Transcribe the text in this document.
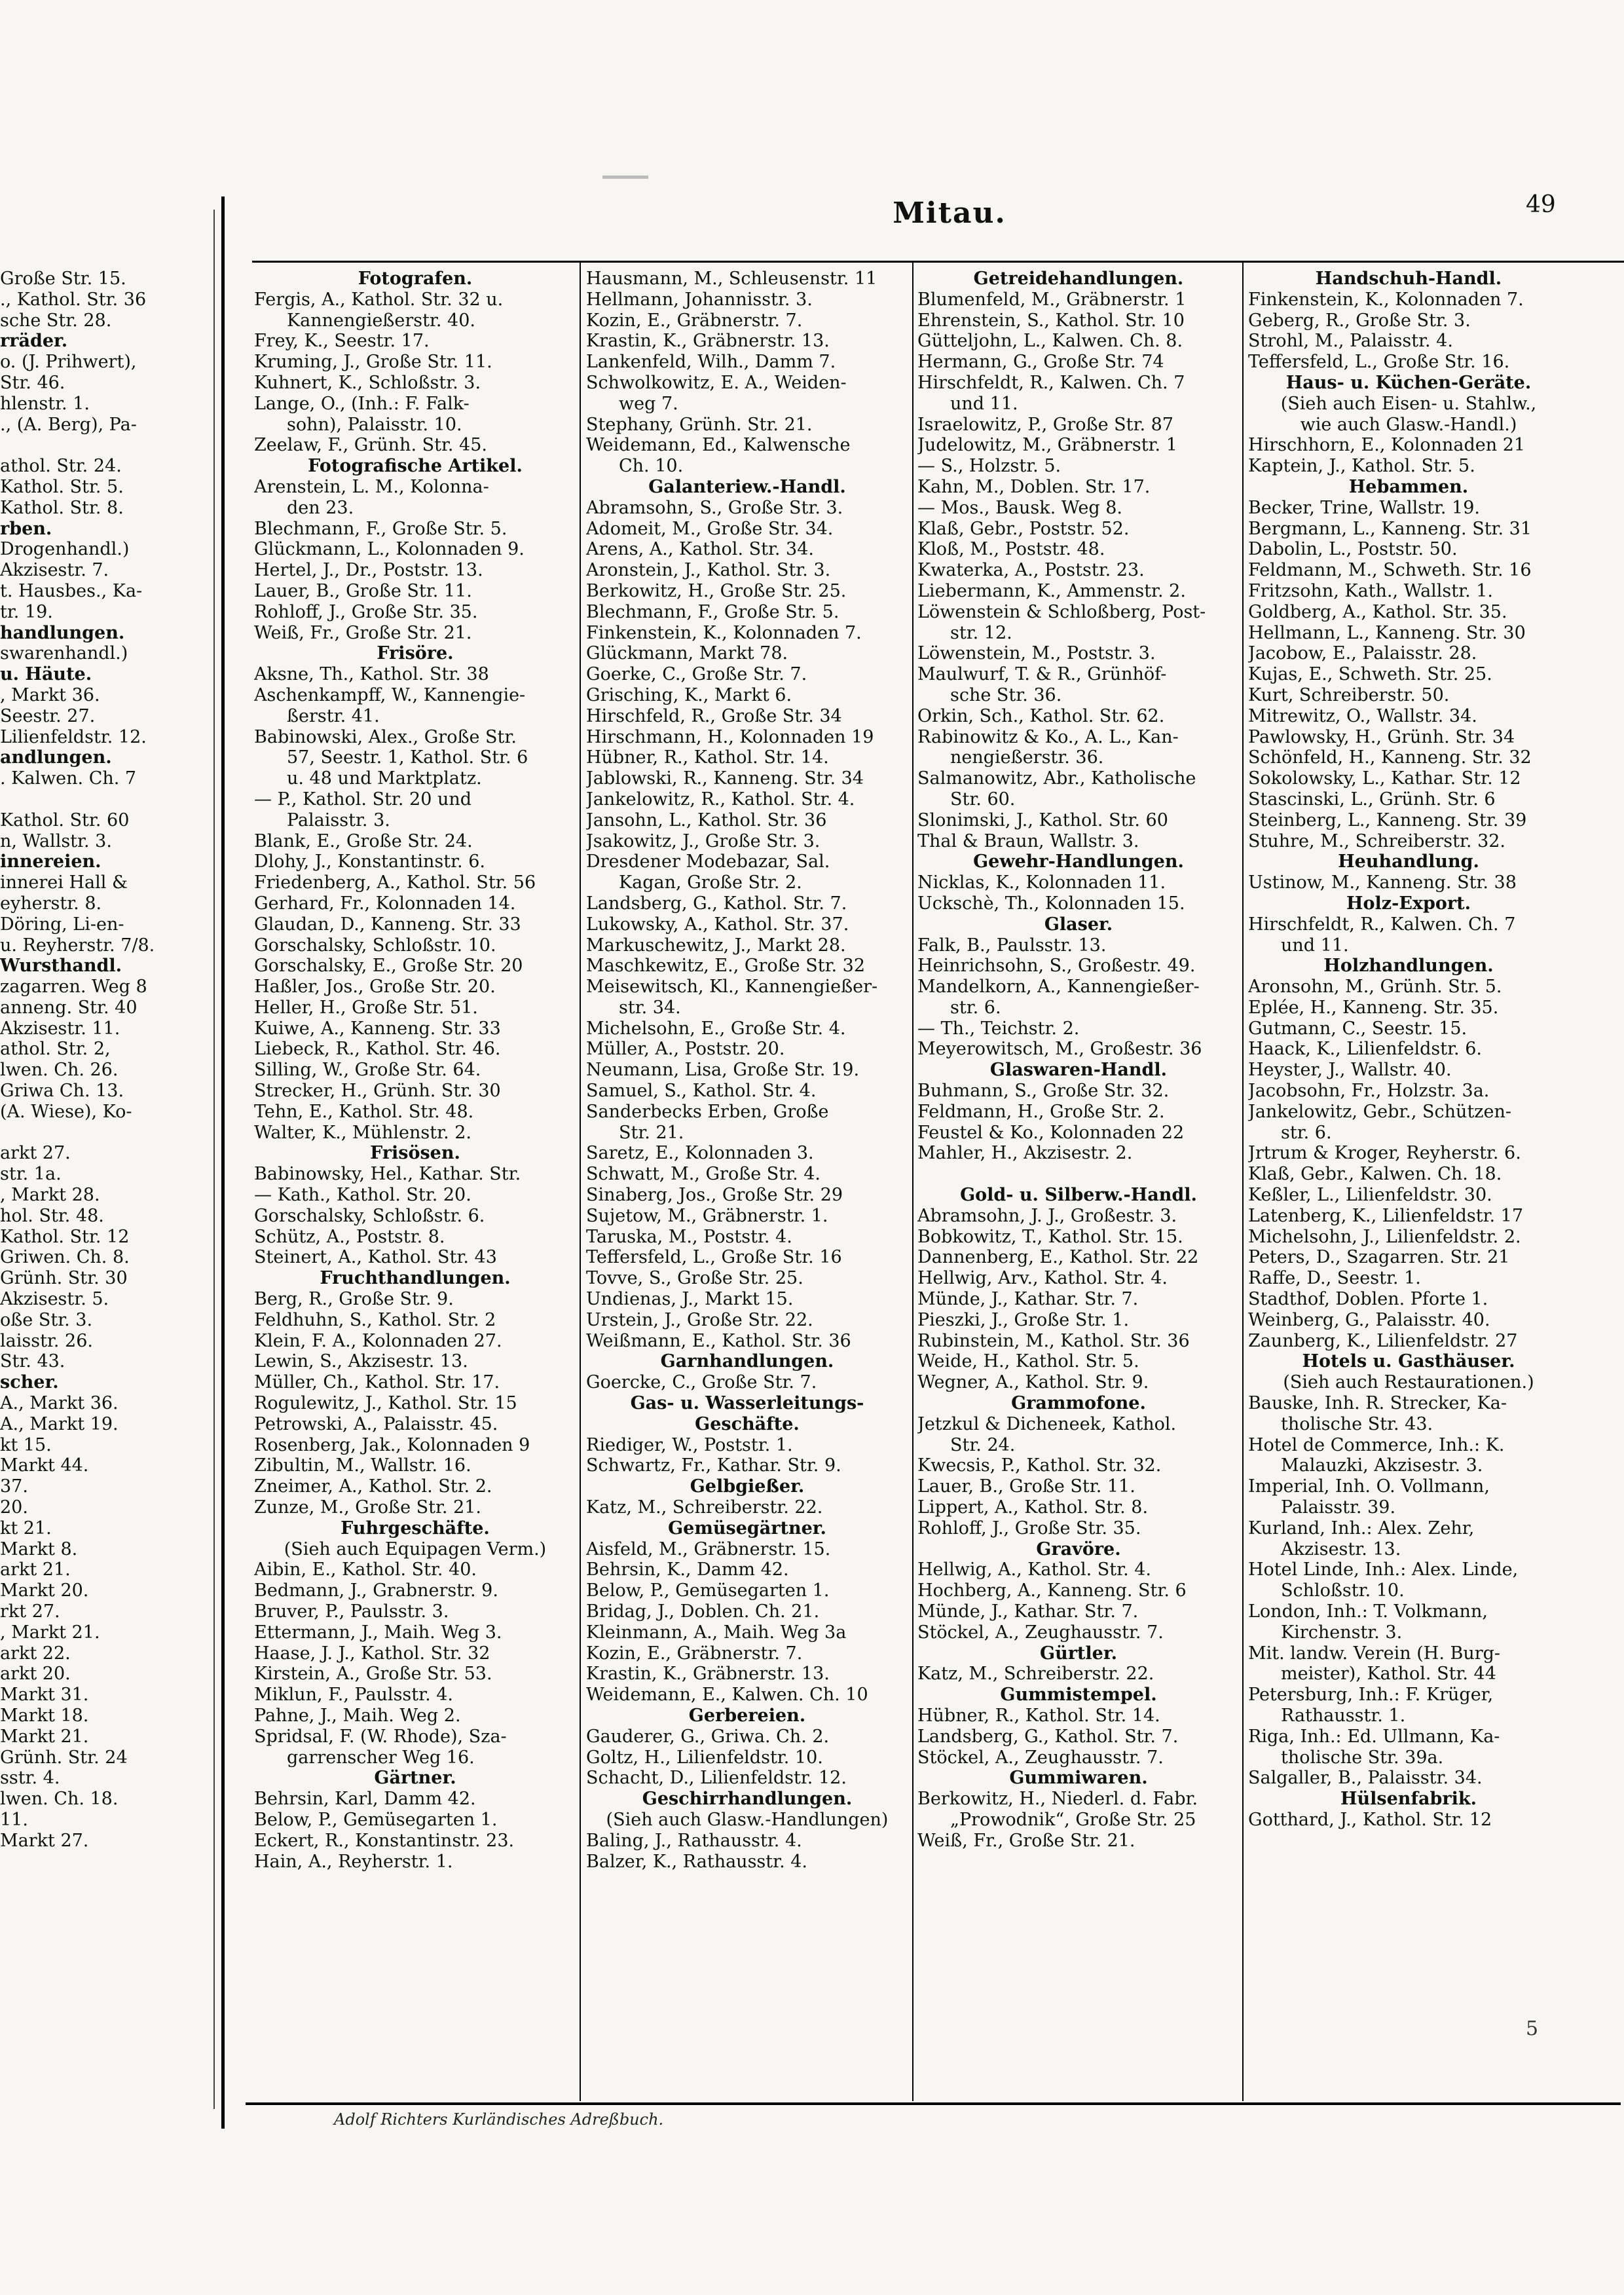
Mitau.	49
Große Str. 15.
., Kathol. Str. 36
sche Str. 28.
rräder.
o. (J. Prihwert),
Str. 46.
hlenstr. 1.
., (A. Berg), Pa-
athol. Str. 24.
Kathol. Str. 5.
Kathol. Str. 8.
rben.
Drogenhandl.)
Akzisestr. 7.
t. Hausbes., Ka-
tr. 19.
handlungen.
swarenhandl.)
u. Häute.
, Markt 36.
Seestr. 27.
Lilienfeldstr. 12.
andlungen.
. Kalwen. Ch. 7
Kathol. Str. 60
n, Wallstr. 3.
innereien.
innerei Hall &
eyherstr. 8.
Döring, Li-en-
u. Reyherstr. 7/8.
Wursthandl.
zagarren. Weg 8
anneng. Str. 40
Akzisestr. 11.
athol. Str. 2,
lwen. Ch. 26.
Griwa Ch. 13.
(A. Wiese), Ko-
arkt 27.
str. 1a.
, Markt 28.
hol. Str. 48.
Kathol. Str. 12
Griwen. Ch. 8.
Grünh. Str. 30
Akzisestr. 5.
oße Str. 3.
laisstr. 26.
Str. 43.
scher.
A., Markt 36.
A., Markt 19.
kt 15.
Markt 44.
37.
20.
kt 21.
Markt 8.
arkt 21.
Markt 20.
rkt 27.
, Markt 21.
arkt 22.
arkt 20.
Markt 31.
Markt 18.
Markt 21.
Grünh. Str. 24
sstr. 4.
lwen. Ch. 18.
11.
Markt 27.
Fotografen.
Fergis, A., Kathol. Str. 32 u.
Kannengießerstr. 40.
Frey, K., Seestr. 17.
Kruming, J., Große Str. 11.
Kuhnert, K., Schloßstr. 3.
Lange, O., (Inh.: F. Falk-
sohn), Palaisstr. 10.
Zeelaw, F., Grünh. Str. 45.
Fotografische Artikel.
Arenstein, L. M., Kolonna-
den 23.
Blechmann, F., Große Str. 5.
Glückmann, L., Kolonnaden 9.
Hertel, J., Dr., Poststr. 13.
Lauer, B., Große Str. 11.
Rohloff, J., Große Str. 35.
Weiß, Fr., Große Str. 21.
Frisöre.
Aksne, Th., Kathol. Str. 38
Aschenkampff, W., Kannengie-
ßerstr. 41.
Babinowski, Alex., Große Str.
57, Seestr. 1, Kathol. Str. 6
u. 48 und Marktplatz.
— P., Kathol. Str. 20 und
Palaisstr. 3.
Blank, E., Große Str. 24.
Dlohy, J., Konstantinstr. 6.
Friedenberg, A., Kathol. Str. 56
Gerhard, Fr., Kolonnaden 14.
Glaudan, D., Kanneng. Str. 33
Gorschalsky, Schloßstr. 10.
Gorschalsky, E., Große Str. 20
Haßler, Jos., Große Str. 20.
Heller, H., Große Str. 51.
Kuiwe, A., Kanneng. Str. 33
Liebeck, R., Kathol. Str. 46.
Silling, W., Große Str. 64.
Strecker, H., Grünh. Str. 30
Tehn, E., Kathol. Str. 48.
Walter, K., Mühlenstr. 2.
Frisösen.
Babinowsky, Hel., Kathar. Str.
— Kath., Kathol. Str. 20.
Gorschalsky, Schloßstr. 6.
Schütz, A., Poststr. 8.
Steinert, A., Kathol. Str. 43
Fruchthandlungen.
Berg, R., Große Str. 9.
Feldhuhn, S., Kathol. Str. 2
Klein, F. A., Kolonnaden 27.
Lewin, S., Akzisestr. 13.
Müller, Ch., Kathol. Str. 17.
Rogulewitz, J., Kathol. Str. 15
Petrowski, A., Palaisstr. 45.
Rosenberg, Jak., Kolonnaden 9
Zibultin, M., Wallstr. 16.
Zneimer, A., Kathol. Str. 2.
Zunze, M., Große Str. 21.
Fuhrgeschäfte.
(Sieh auch Equipagen Verm.)
Aibin, E., Kathol. Str. 40.
Bedmann, J., Grabnerstr. 9.
Bruver, P., Paulsstr. 3.
Ettermann, J., Maih. Weg 3.
Haase, J. J., Kathol. Str. 32
Kirstein, A., Große Str. 53.
Miklun, F., Paulsstr. 4.
Pahne, J., Maih. Weg 2.
Spridsal, F. (W. Rhode), Sza-
garrenscher Weg 16.
Gärtner.
Behrsin, Karl, Damm 42.
Below, P., Gemüsegarten 1.
Eckert, R., Konstantinstr. 23.
Hain, A., Reyherstr. 1.
Hausmann, M., Schleusenstr. 11
Hellmann, Johannisstr. 3.
Kozin, E., Gräbnerstr. 7.
Krastin, K., Gräbnerstr. 13.
Lankenfeld, Wilh., Damm 7.
Schwolkowitz, E. A., Weiden-
weg 7.
Stephany, Grünh. Str. 21.
Weidemann, Ed., Kalwensche
Ch. 10.
Galanteriew.-Handl.
Abramsohn, S., Große Str. 3.
Adomeit, M., Große Str. 34.
Arens, A., Kathol. Str. 34.
Aronstein, J., Kathol. Str. 3.
Berkowitz, H., Große Str. 25.
Blechmann, F., Große Str. 5.
Finkenstein, K., Kolonnaden 7.
Glückmann, Markt 78.
Goerke, C., Große Str. 7.
Grisching, K., Markt 6.
Hirschfeld, R., Große Str. 34
Hirschmann, H., Kolonnaden 19
Hübner, R., Kathol. Str. 14.
Jablowski, R., Kanneng. Str. 34
Jankelowitz, R., Kathol. Str. 4.
Jansohn, L., Kathol. Str. 36
Jsakowitz, J., Große Str. 3.
Dresdener Modebazar, Sal.
Kagan, Große Str. 2.
Landsberg, G., Kathol. Str. 7.
Lukowsky, A., Kathol. Str. 37.
Markuschewitz, J., Markt 28.
Maschkewitz, E., Große Str. 32
Meisewitsch, Kl., Kannengießer-
str. 34.
Michelsohn, E., Große Str. 4.
Müller, A., Poststr. 20.
Neumann, Lisa, Große Str. 19.
Samuel, S., Kathol. Str. 4.
Sanderbecks Erben, Große
Str. 21.
Saretz, E., Kolonnaden 3.
Schwatt, M., Große Str. 4.
Sinaberg, Jos., Große Str. 29
Sujetow, M., Gräbnerstr. 1.
Taruska, M., Poststr. 4.
Teffersfeld, L., Große Str. 16
Tovve, S., Große Str. 25.
Undienas, J., Markt 15.
Urstein, J., Große Str. 22.
Weißmann, E., Kathol. Str. 36
Garnhandlungen.
Goercke, C., Große Str. 7.
Gas- u. Wasserleitungs-
Geschäfte.
Riediger, W., Poststr. 1.
Schwartz, Fr., Kathar. Str. 9.
Gelbgießer.
Katz, M., Schreiberstr. 22.
Gemüsegärtner.
Aisfeld, M., Gräbnerstr. 15.
Behrsin, K., Damm 42.
Below, P., Gemüsegarten 1.
Bridag, J., Doblen. Ch. 21.
Kleinmann, A., Maih. Weg 3a
Kozin, E., Gräbnerstr. 7.
Krastin, K., Gräbnerstr. 13.
Weidemann, E., Kalwen. Ch. 10
Gerbereien.
Gauderer, G., Griwa. Ch. 2.
Goltz, H., Lilienfeldstr. 10.
Schacht, D., Lilienfeldstr. 12.
Geschirrhandlungen.
(Sieh auch Glasw.-Handlungen)
Baling, J., Rathausstr. 4.
Balzer, K., Rathausstr. 4.
Getreidehandlungen.
Blumenfeld, M., Gräbnerstr. 1
Ehrenstein, S., Kathol. Str. 10
Gütteljohn, L., Kalwen. Ch. 8.
Hermann, G., Große Str. 74
Hirschfeldt, R., Kalwen. Ch. 7
und 11.
Israelowitz, P., Große Str. 87
Judelowitz, M., Gräbnerstr. 1
— S., Holzstr. 5.
Kahn, M., Doblen. Str. 17.
— Mos., Bausk. Weg 8.
Klaß, Gebr., Poststr. 52.
Kloß, M., Poststr. 48.
Kwaterka, A., Poststr. 23.
Liebermann, K., Ammenstr. 2.
Löwenstein & Schloßberg, Post-
str. 12.
Löwenstein, M., Poststr. 3.
Maulwurf, T. & R., Grünhöf-
sche Str. 36.
Orkin, Sch., Kathol. Str. 62.
Rabinowitz & Ko., A. L., Kan-
nengießerstr. 36.
Salmanowitz, Abr., Katholische
Str. 60.
Slonimski, J., Kathol. Str. 60
Thal & Braun, Wallstr. 3.
Gewehr-Handlungen.
Nicklas, K., Kolonnaden 11.
Uckschè, Th., Kolonnaden 15.
Glaser.
Falk, B., Paulsstr. 13.
Heinrichsohn, S., Großestr. 49.
Mandelkorn, A., Kannengießer-
str. 6.
— Th., Teichstr. 2.
Meyerowitsch, M., Großestr. 36
Glaswaren-Handl.
Buhmann, S., Große Str. 32.
Feldmann, H., Große Str. 2.
Feustel & Ko., Kolonnaden 22
Mahler, H., Akzisestr. 2.
Gold- u. Silberw.-Handl.
Abramsohn, J. J., Großestr. 3.
Bobkowitz, T., Kathol. Str. 15.
Dannenberg, E., Kathol. Str. 22
Hellwig, Arv., Kathol. Str. 4.
Münde, J., Kathar. Str. 7.
Pieszki, J., Große Str. 1.
Rubinstein, M., Kathol. Str. 36
Weide, H., Kathol. Str. 5.
Wegner, A., Kathol. Str. 9.
Grammofone.
Jetzkul & Dicheneek, Kathol.
Str. 24.
Kwecsis, P., Kathol. Str. 32.
Lauer, B., Große Str. 11.
Lippert, A., Kathol. Str. 8.
Rohloff, J., Große Str. 35.
Gravöre.
Hellwig, A., Kathol. Str. 4.
Hochberg, A., Kanneng. Str. 6
Münde, J., Kathar. Str. 7.
Stöckel, A., Zeughausstr. 7.
Gürtler.
Katz, M., Schreiberstr. 22.
Gummistempel.
Hübner, R., Kathol. Str. 14.
Landsberg, G., Kathol. Str. 7.
Stöckel, A., Zeughausstr. 7.
Gummiwaren.
Berkowitz, H., Niederl. d. Fabr.
„Prowodnik“, Große Str. 25
Weiß, Fr., Große Str. 21.
Handschuh-Handl.
Finkenstein, K., Kolonnaden 7.
Geberg, R., Große Str. 3.
Strohl, M., Palaisstr. 4.
Teffersfeld, L., Große Str. 16.
Haus- u. Küchen-Geräte.
(Sieh auch Eisen- u. Stahlw.,
wie auch Glasw.-Handl.)
Hirschhorn, E., Kolonnaden 21
Kaptein, J., Kathol. Str. 5.
Hebammen.
Becker, Trine, Wallstr. 19.
Bergmann, L., Kanneng. Str. 31
Dabolin, L., Poststr. 50.
Feldmann, M., Schweth. Str. 16
Fritzsohn, Kath., Wallstr. 1.
Goldberg, A., Kathol. Str. 35.
Hellmann, L., Kanneng. Str. 30
Jacobow, E., Palaisstr. 28.
Kujas, E., Schweth. Str. 25.
Kurt, Schreiberstr. 50.
Mitrewitz, O., Wallstr. 34.
Pawlowsky, H., Grünh. Str. 34
Schönfeld, H., Kanneng. Str. 32
Sokolowsky, L., Kathar. Str. 12
Stascinski, L., Grünh. Str. 6
Steinberg, L., Kanneng. Str. 39
Stuhre, M., Schreiberstr. 32.
Heuhandlung.
Ustinow, M., Kanneng. Str. 38
Holz-Export.
Hirschfeldt, R., Kalwen. Ch. 7
und 11.
Holzhandlungen.
Aronsohn, M., Grünh. Str. 5.
Eplée, H., Kanneng. Str. 35.
Gutmann, C., Seestr. 15.
Haack, K., Lilienfeldstr. 6.
Heyster, J., Wallstr. 40.
Jacobsohn, Fr., Holzstr. 3a.
Jankelowitz, Gebr., Schützen-
str. 6.
Jrtrum & Kroger, Reyherstr. 6.
Klaß, Gebr., Kalwen. Ch. 18.
Keßler, L., Lilienfeldstr. 30.
Latenberg, K., Lilienfeldstr. 17
Michelsohn, J., Lilienfeldstr. 2.
Peters, D., Szagarren. Str. 21
Raffe, D., Seestr. 1.
Stadthof, Doblen. Pforte 1.
Weinberg, G., Palaisstr. 40.
Zaunberg, K., Lilienfeldstr. 27
Hotels u. Gasthäuser.
(Sieh auch Restaurationen.)
Bauske, Inh. R. Strecker, Ka-
tholische Str. 43.
Hotel de Commerce, Inh.: K.
Malauzki, Akzisestr. 3.
Imperial, Inh. O. Vollmann,
Palaisstr. 39.
Kurland, Inh.: Alex. Zehr,
Akzisestr. 13.
Hotel Linde, Inh.: Alex. Linde,
Schloßstr. 10.
London, Inh.: T. Volkmann,
Kirchenstr. 3.
Mit. landw. Verein (H. Burg-
meister), Kathol. Str. 44
Petersburg, Inh.: F. Krüger,
Rathausstr. 1.
Riga, Inh.: Ed. Ullmann, Ka-
tholische Str. 39a.
Salgaller, B., Palaisstr. 34.
Hülsenfabrik.
Gotthard, J., Kathol. Str. 12
Adolf Richters Kurländisches Adreßbuch.
5
